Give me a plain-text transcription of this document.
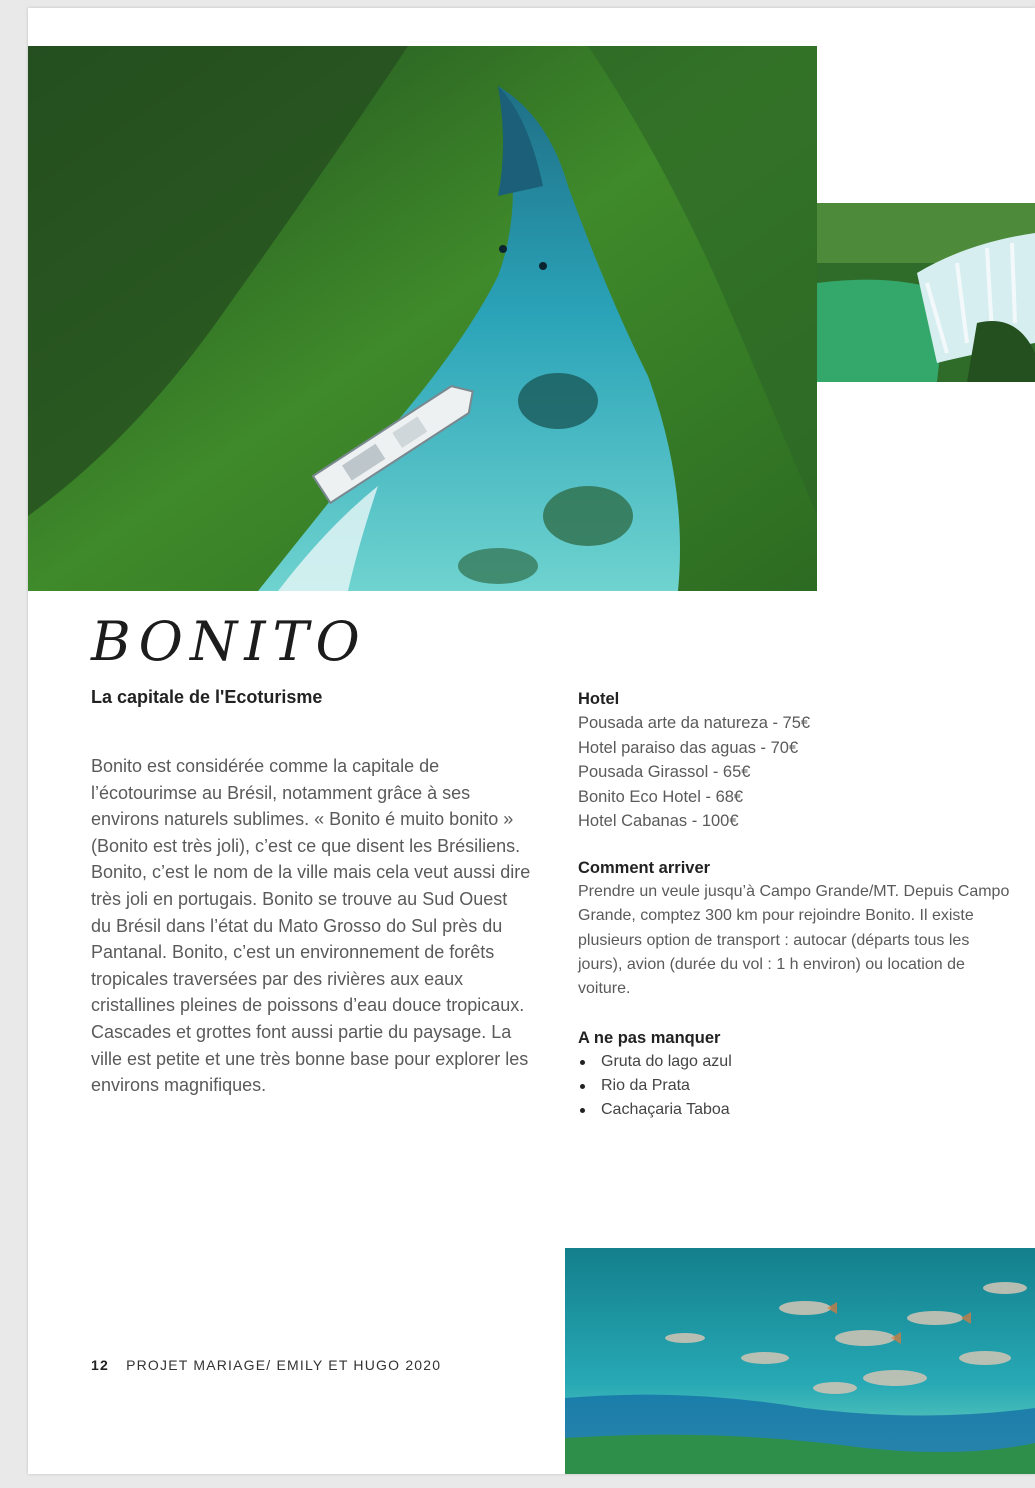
BONITO
La capitale de l'Ecoturisme

Bonito est considérée comme la capitale de l’écotourimse au Brésil, notamment grâce à ses environs naturels sublimes. « Bonito é muito bonito » (Bonito est très joli), c’est ce que disent les Brésiliens. Bonito, c’est le nom de la ville mais cela veut aussi dire très joli en portugais. Bonito se trouve au Sud Ouest du Brésil dans l’état du Mato Grosso do Sul près du Pantanal. Bonito, c’est un environnement de forêts tropicales traversées par des rivières aux eaux cristallines pleines de poissons d’eau douce tropicaux. Cascades et grottes font aussi partie du paysage. La ville est petite et une très bonne base pour explorer les environs magnifiques.

Hotel
Pousada arte da natureza - 75€
Hotel paraiso das aguas - 70€
Pousada Girassol - 65€
Bonito Eco Hotel - 68€
Hotel Cabanas - 100€
Comment arriver

Prendre un veule jusqu’à Campo Grande/MT. Depuis Campo Grande, comptez 300 km pour rejoindre Bonito. Il existe plusieurs option de transport : autocar (départs tous les jours), avion (durée du vol : 1 h environ) ou location de voiture.

A ne pas manquer
Gruta do lago azul
Rio da Prata
Cachaçaria Taboa
12 PROJET MARIAGE/ EMILY ET HUGO 2020
